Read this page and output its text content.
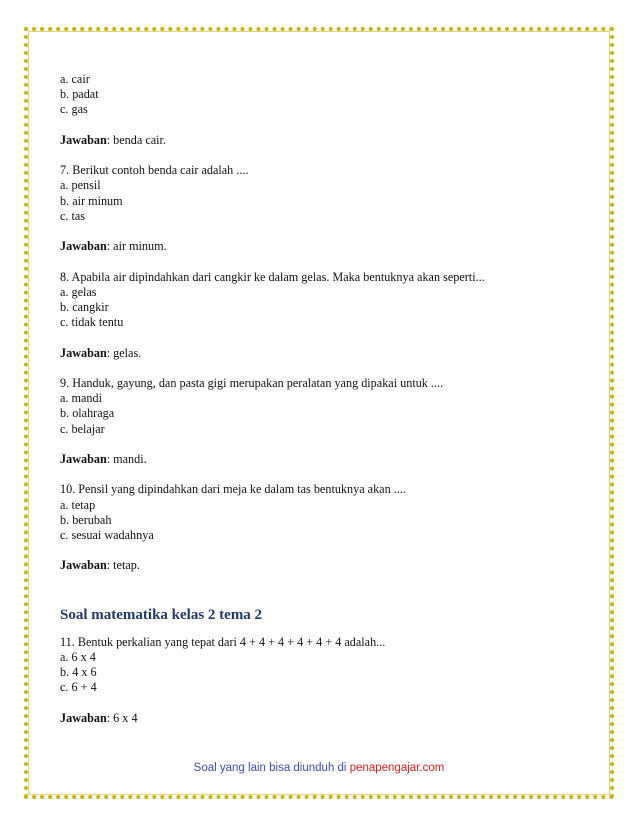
a. cair
b. padat
c. gas
Jawaban: benda cair.
7. Berikut contoh benda cair adalah ....
a. pensil
b. air minum
c. tas
Jawaban: air minum.
8. Apabila air dipindahkan dari cangkir ke dalam gelas. Maka bentuknya akan seperti...
a. gelas
b. cangkir
c. tidak tentu
Jawaban: gelas.
9. Handuk, gayung, dan pasta gigi merupakan peralatan yang dipakai untuk ....
a. mandi
b. olahraga
c. belajar
Jawaban: mandi.
10. Pensil yang dipindahkan dari meja ke dalam tas bentuknya akan ....
a. tetap
b. berubah
c. sesuai wadahnya
Jawaban: tetap.
Soal matematika kelas 2 tema 2
11. Bentuk perkalian yang tepat dari 4 + 4 + 4 + 4 + 4 + 4 adalah...
a. 6 x 4
b. 4 x 6
c. 6 + 4
Jawaban: 6 x 4
Soal yang lain bisa diunduh di penapengajar.com
